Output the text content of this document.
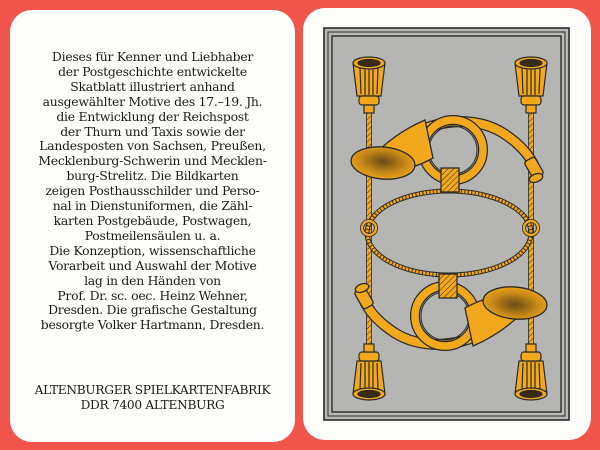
Dieses für Kenner und Liebhaber
der Postgeschichte entwickelte
Skatblatt illustriert anhand
ausgewählter Motive des 17.–19. Jh.
die Entwicklung der Reichspost
der Thurn und Taxis sowie der
Landesposten von Sachsen, Preußen,
Mecklenburg-Schwerin und Mecklen-
burg-Strelitz. Die Bildkarten
zeigen Posthausschilder und Perso-
nal in Dienstuniformen, die Zähl-
karten Postgebäude, Postwagen,
Postmeilensäulen u. a.
Die Konzeption, wissenschaftliche
Vorarbeit und Auswahl der Motive
lag in den Händen von
Prof. Dr. sc. oec. Heinz Wehner,
Dresden. Die grafische Gestaltung
besorgte Volker Hartmann, Dresden.
ALTENBURGER SPIELKARTENFABRIK
DDR 7400 ALTENBURG
